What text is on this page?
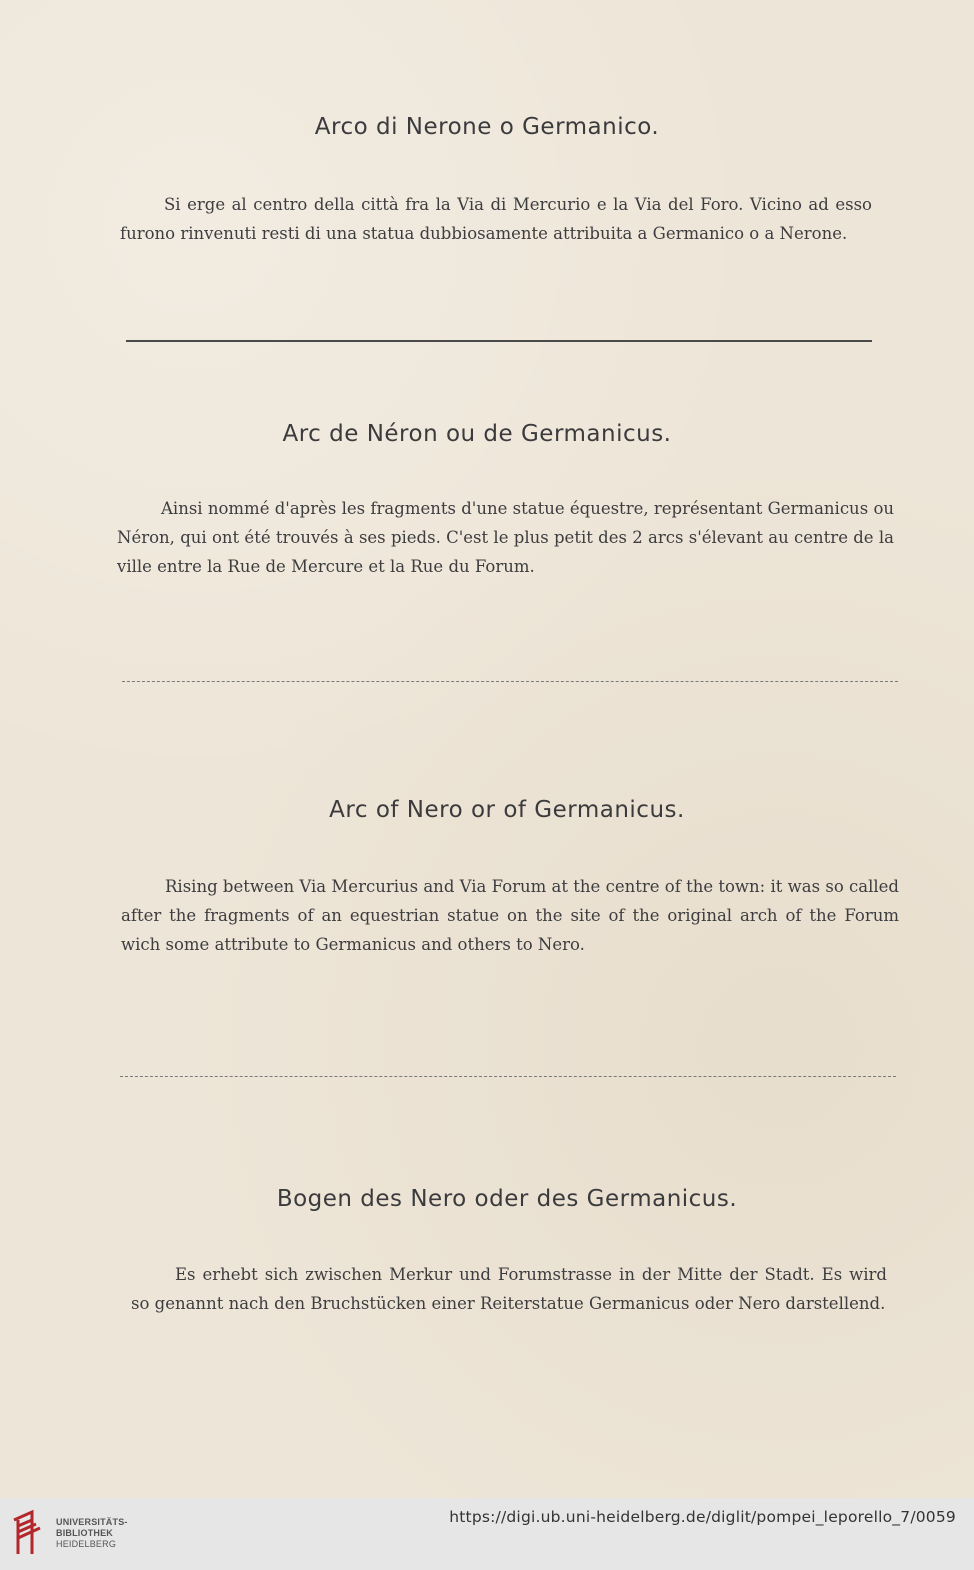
Arco di Nerone o Germanico.

Si erge al centro della città fra la Via di Mercurio e la Via del Foro. Vicino ad esso furono rinvenuti resti di una statua dubbiosamente attribuita a Germanico o a Nerone.

Arc de Néron ou de Germanicus.

Ainsi nommé d'après les fragments d'une statue équestre, représentant Germanicus ou Néron, qui ont été trouvés à ses pieds. C'est le plus petit des 2 arcs s'élevant au centre de la ville entre la Rue de Mercure et la Rue du Forum.

Arc of Nero or of Germanicus.

Rising between Via Mercurius and Via Forum at the centre of the town: it was so called after the fragments of an equestrian statue on the site of the original arch of the Forum wich some attribute to Germanicus and others to Nero.

Bogen des Nero oder des Germanicus.

Es erhebt sich zwischen Merkur und Forumstrasse in der Mitte der Stadt. Es wird so genannt nach den Bruchstücken einer Reiterstatue Germanicus oder Nero darstellend.

UNIVERSITÄTS-
BIBLIOTHEK
HEIDELBERG
https://digi.ub.uni-heidelberg.de/diglit/pompei_leporello_7/0059
